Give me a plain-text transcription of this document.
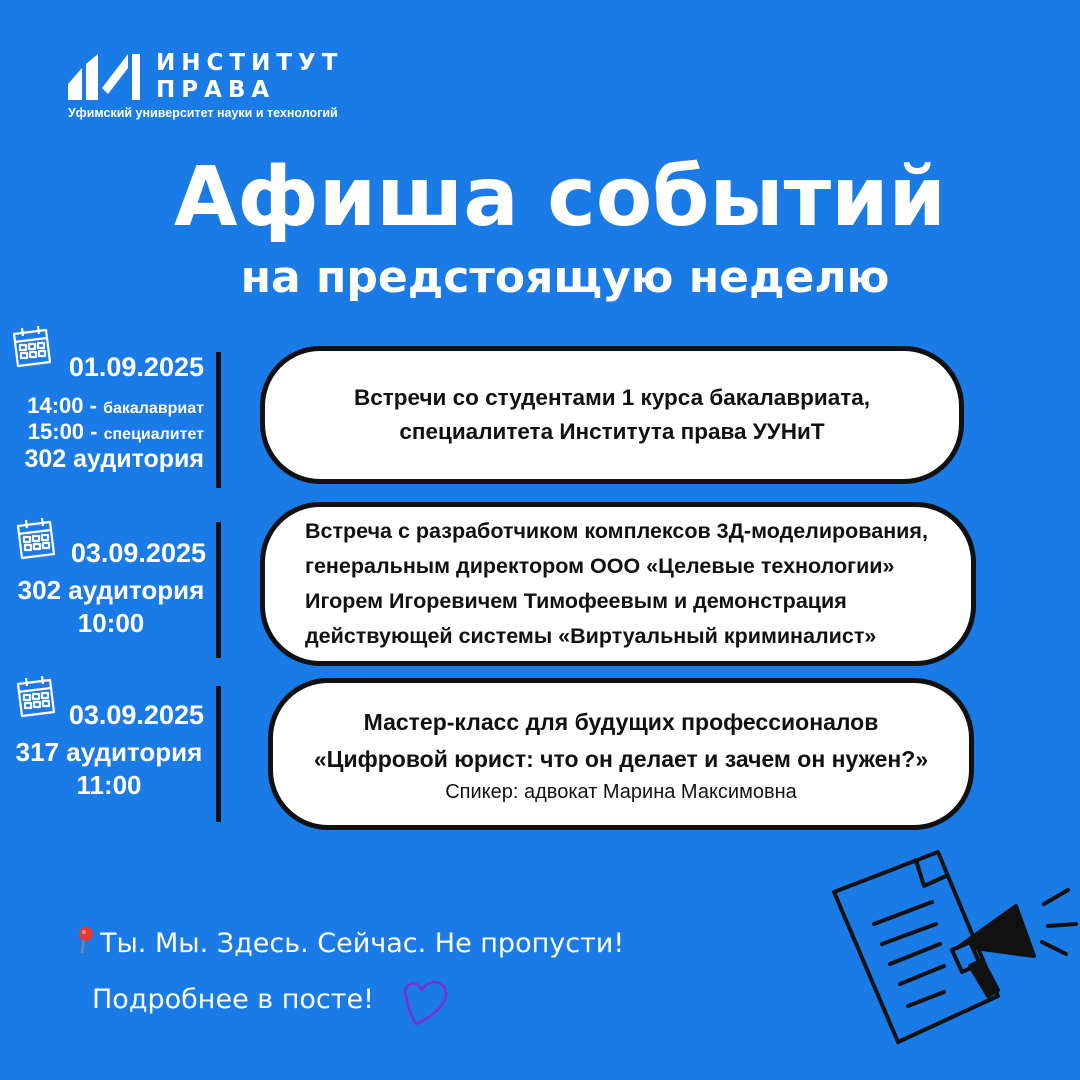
ИНСТИТУТ
ПРАВА
Уфимский университет науки и технологий
Афиша событий
на предстоящую неделю
01.09.2025
14:00 - бакалавриат
15:00 - специалитет
302 аудитория
Встречи со студентами 1 курса бакалавриата,
специалитета Института права УУНиТ
03.09.2025
302 аудитория
10:00
Встреча с разработчиком комплексов 3Д-моделирования,
генеральным директором ООО «Целевые технологии»
Игорем Игоревичем Тимофеевым и демонстрация
действующей системы «Виртуальный криминалист»
03.09.2025
317 аудитория
11:00
Мастер-класс для будущих профессионалов
«Цифровой юрист: что он делает и зачем он нужен?»
Спикер: адвокат Марина Максимовна
Ты. Мы. Здесь. Сейчас. Не пропусти!
Подробнее в посте!
